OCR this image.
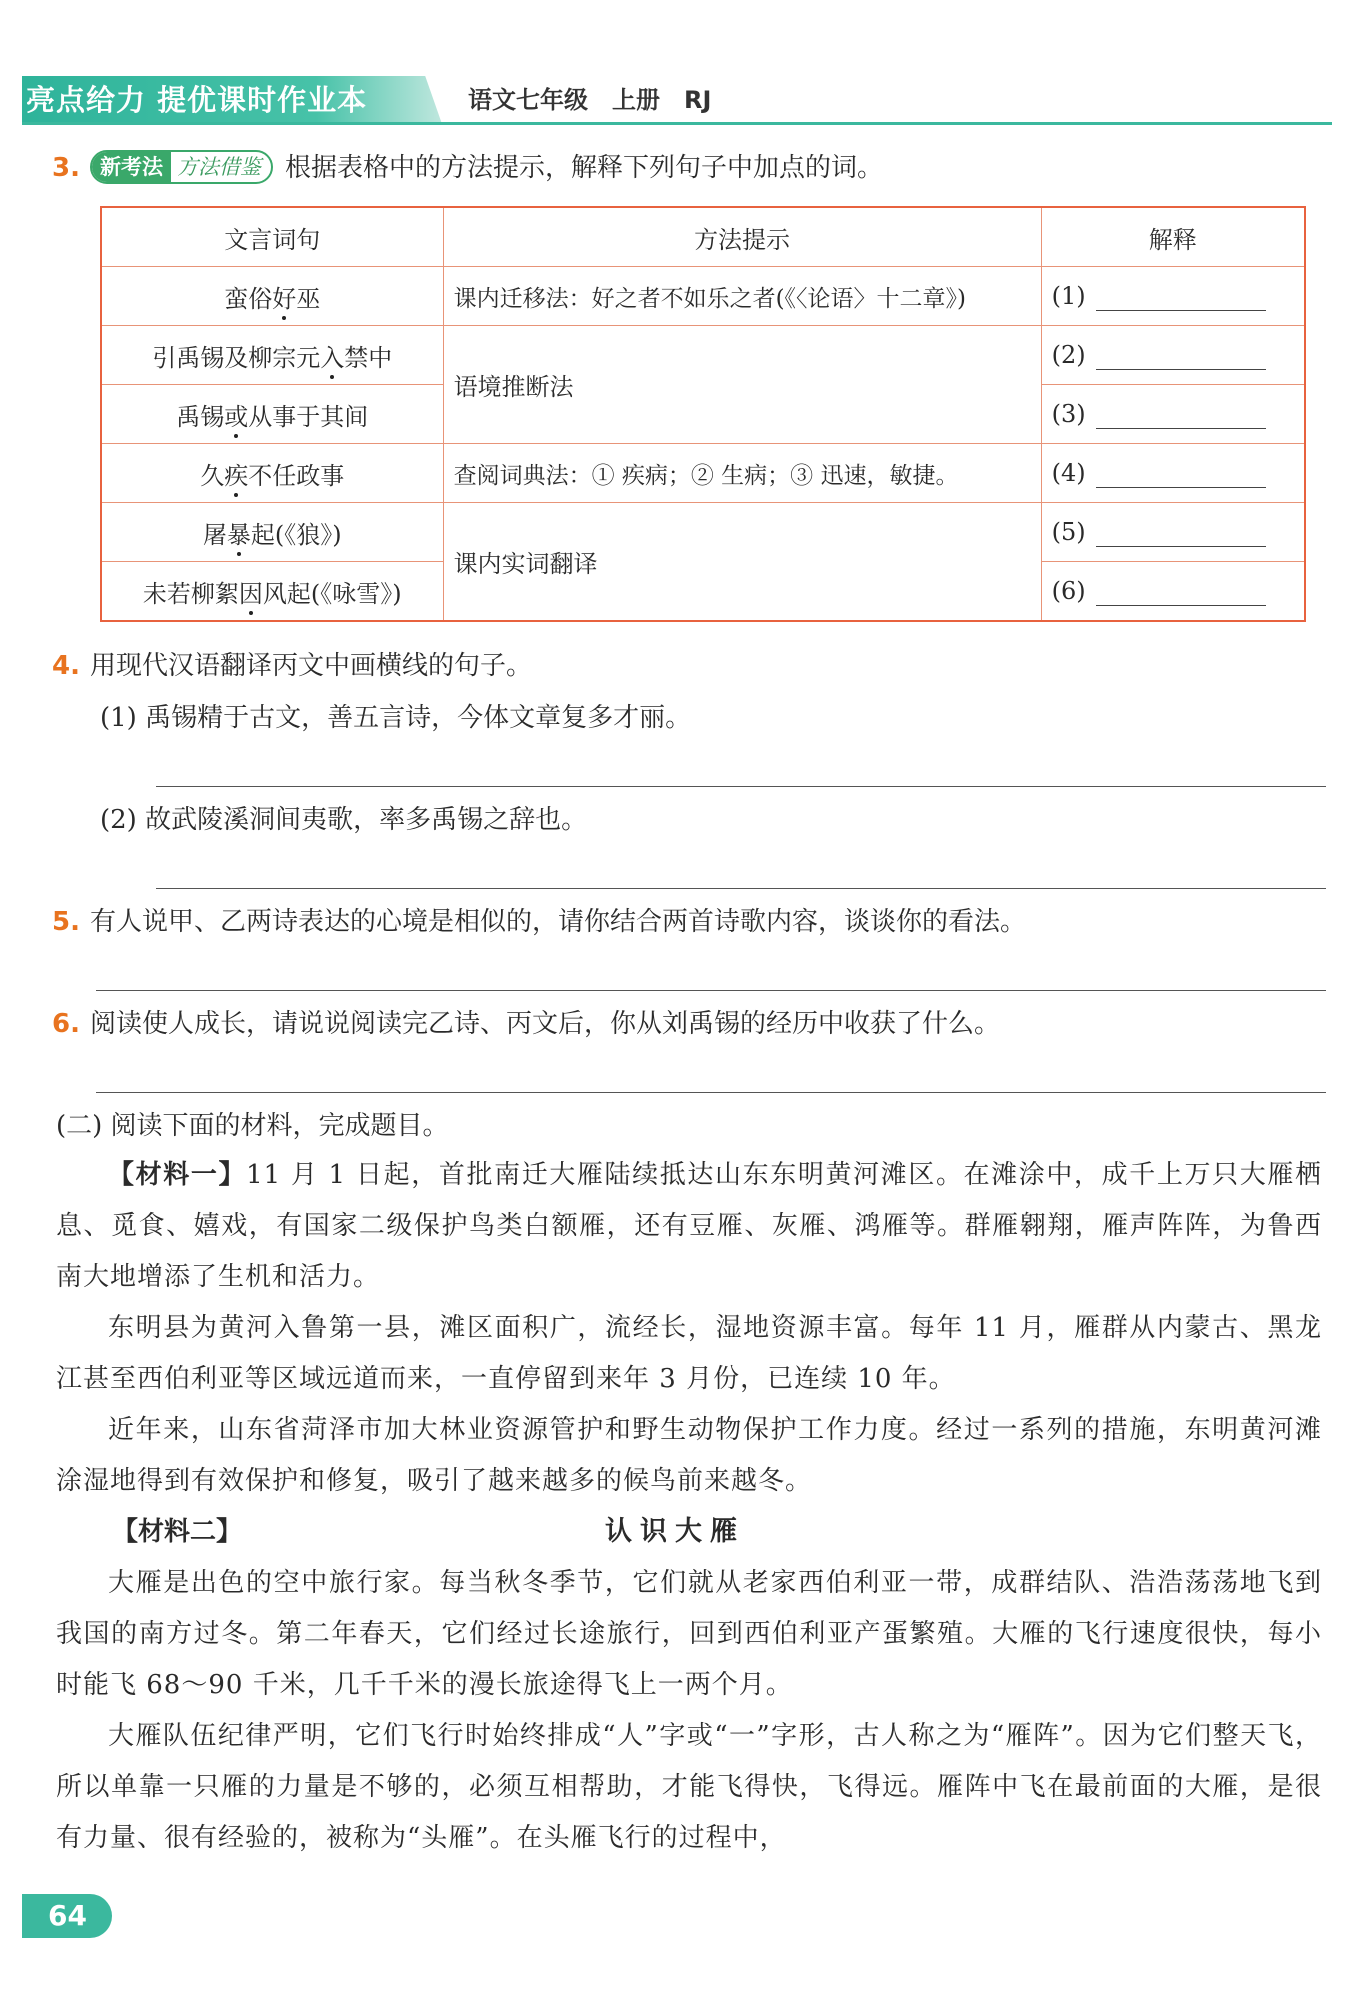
亮点给力 提优课时作业本	语文七年级　上册　RJ
3. 新考法 方法借鉴 根据表格中的方法提示，解释下列句子中加点的词。
文言词句	方法提示	解释
蛮俗好巫	课内迁移法：好之者不如乐之者(《〈论语〉十二章》)	(1)
引禹锡及柳宗元入禁中	语境推断法	(2)
禹锡或从事于其间		(3)
久疾不任政事	查阅词典法：① 疾病；② 生病；③ 迅速，敏捷。	(4)
屠暴起(《狼》)	课内实词翻译	(5)
未若柳絮因风起(《咏雪》)		(6)
4. 用现代汉语翻译丙文中画横线的句子。
(1) 禹锡精于古文，善五言诗，今体文章复多才丽。
(2) 故武陵溪洞间夷歌，率多禹锡之辞也。
5. 有人说甲、乙两诗表达的心境是相似的，请你结合两首诗歌内容，谈谈你的看法。
6. 阅读使人成长，请说说阅读完乙诗、丙文后，你从刘禹锡的经历中收获了什么。
(二) 阅读下面的材料，完成题目。

【材料一】11 月 1 日起，首批南迁大雁陆续抵达山东东明黄河滩区。在滩涂中，成千上万只大雁栖息、觅食、嬉戏，有国家二级保护鸟类白额雁，还有豆雁、灰雁、鸿雁等。群雁翱翔，雁声阵阵，为鲁西南大地增添了生机和活力。

东明县为黄河入鲁第一县，滩区面积广，流经长，湿地资源丰富。每年 11 月，雁群从内蒙古、黑龙江甚至西伯利亚等区域远道而来，一直停留到来年 3 月份，已连续 10 年。

近年来，山东省菏泽市加大林业资源管护和野生动物保护工作力度。经过一系列的措施，东明黄河滩涂湿地得到有效保护和修复，吸引了越来越多的候鸟前来越冬。

【材料二】	认识大雁

大雁是出色的空中旅行家。每当秋冬季节，它们就从老家西伯利亚一带，成群结队、浩浩荡荡地飞到我国的南方过冬。第二年春天，它们经过长途旅行，回到西伯利亚产蛋繁殖。大雁的飞行速度很快，每小时能飞 68～90 千米，几千千米的漫长旅途得飞上一两个月。

大雁队伍纪律严明，它们飞行时始终排成“人”字或“一”字形，古人称之为“雁阵”。因为它们整天飞，所以单靠一只雁的力量是不够的，必须互相帮助，才能飞得快，飞得远。雁阵中飞在最前面的大雁，是很有力量、很有经验的，被称为“头雁”。在头雁飞行的过程中，

64
